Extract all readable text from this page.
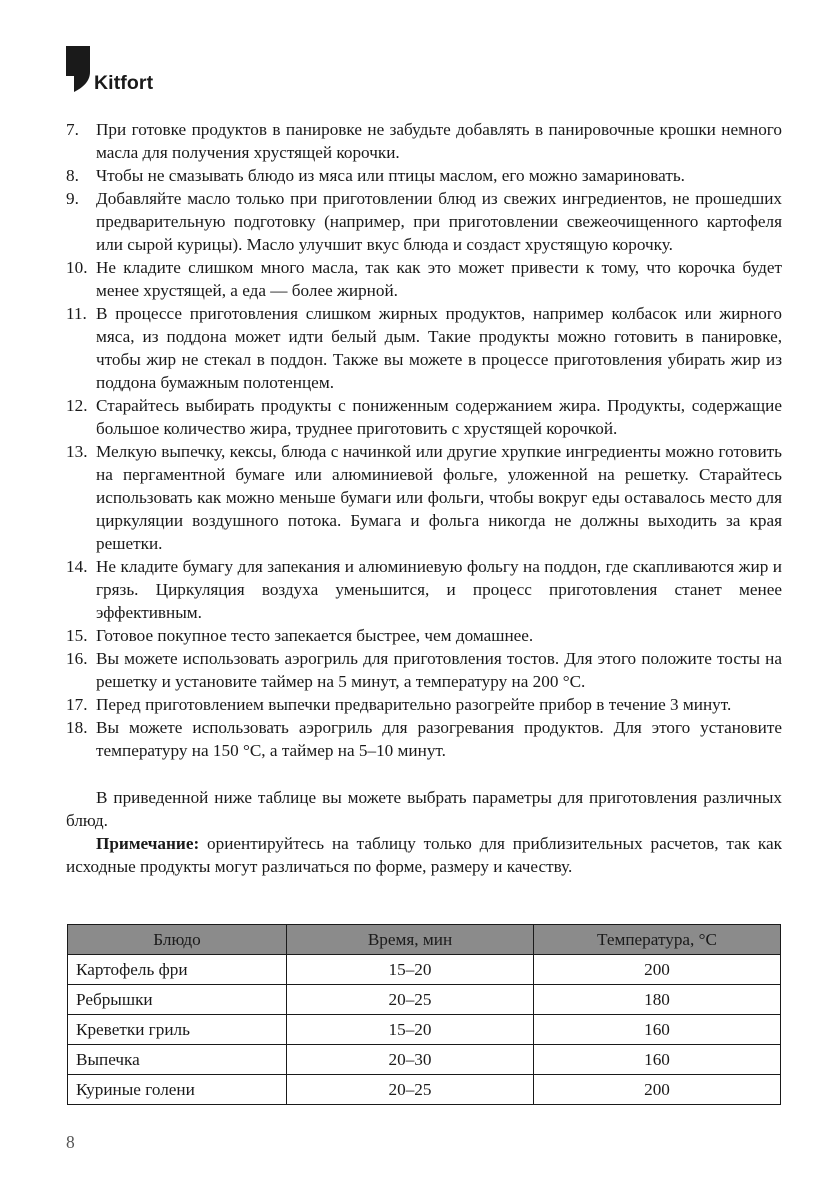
Kitfort
7. При готовке продуктов в панировке не забудьте добавлять в панировочные крошки немного масла для получения хрустящей корочки.
8. Чтобы не смазывать блюдо из мяса или птицы маслом, его можно замариновать.
9. Добавляйте масло только при приготовлении блюд из свежих ингредиентов, не прошедших предварительную подготовку (например, при приготовлении свежеочищенного картофеля или сырой курицы). Масло улучшит вкус блюда и создаст хрустящую корочку.
10. Не кладите слишком много масла, так как это может привести к тому, что корочка будет менее хрустящей, а еда — более жирной.
11. В процессе приготовления слишком жирных продуктов, например колбасок или жирного мяса, из поддона может идти белый дым. Такие продукты можно готовить в панировке, чтобы жир не стекал в поддон. Также вы можете в процессе приготовления убирать жир из поддона бумажным полотенцем.
12. Старайтесь выбирать продукты с пониженным содержанием жира. Продукты, содержащие большое количество жира, труднее приготовить с хрустящей корочкой.
13. Мелкую выпечку, кексы, блюда с начинкой или другие хрупкие ингредиенты можно готовить на пергаментной бумаге или алюминиевой фольге, уложенной на решетку. Старайтесь использовать как можно меньше бумаги или фольги, чтобы вокруг еды оставалось место для циркуляции воздушного потока. Бумага и фольга никогда не должны выходить за края решетки.
14. Не кладите бумагу для запекания и алюминиевую фольгу на поддон, где скапливаются жир и грязь. Циркуляция воздуха уменьшится, и процесс приготовления станет менее эффективным.
15. Готовое покупное тесто запекается быстрее, чем домашнее.
16. Вы можете использовать аэрогриль для приготовления тостов. Для этого положите тосты на решетку и установите таймер на 5 минут, а температуру на 200 °C.
17. Перед приготовлением выпечки предварительно разогрейте прибор в течение 3 минут.
18. Вы можете использовать аэрогриль для разогревания продуктов. Для этого установите температуру на 150 °C, а таймер на 5–10 минут.

В приведенной ниже таблице вы можете выбрать параметры для приготовления различных блюд.

Примечание: ориентируйтесь на таблицу только для приблизительных расчетов, так как исходные продукты могут различаться по форме, размеру и качеству.

Блюдо	Время, мин	Температура, °C
Картофель фри	15–20	200
Ребрышки	20–25	180
Креветки гриль	15–20	160
Выпечка	20–30	160
Куриные голени	20–25	200
8
